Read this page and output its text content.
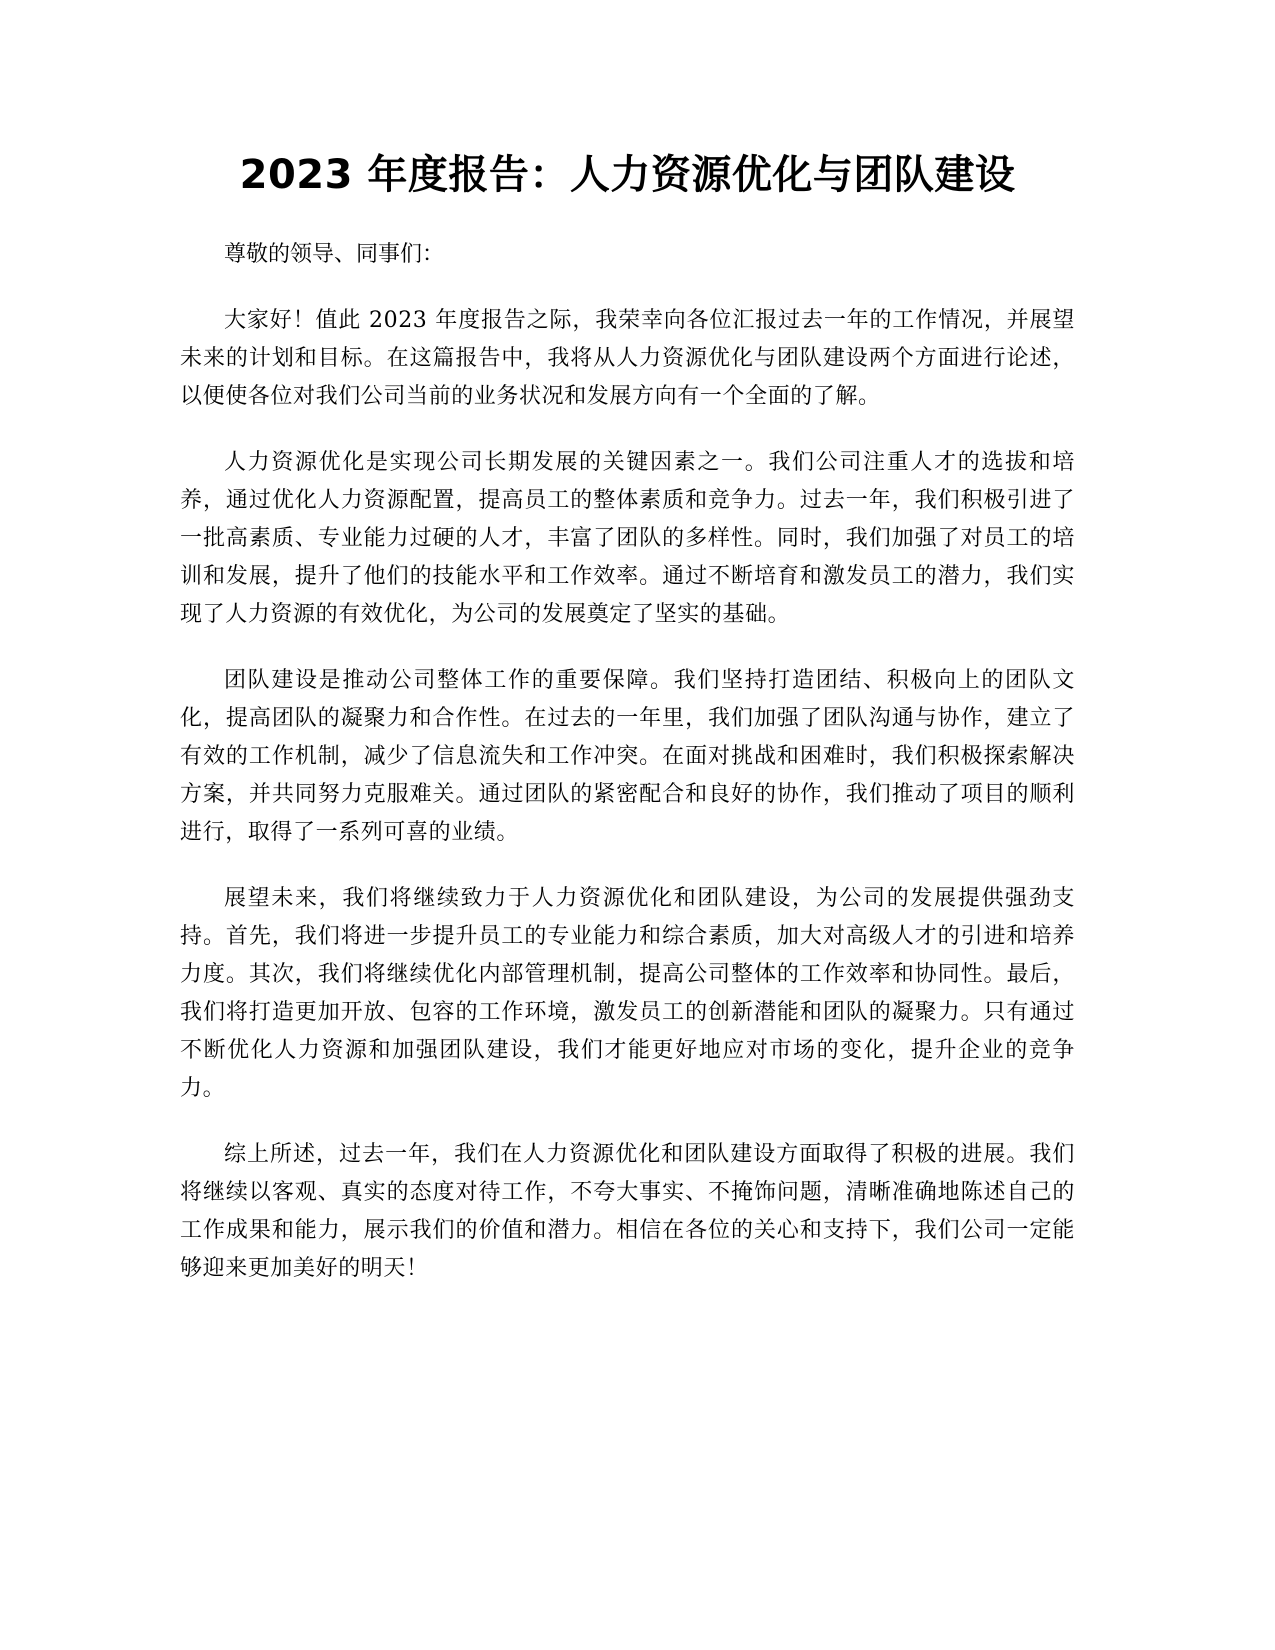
2023 年度报告：人力资源优化与团队建设

尊敬的领导、同事们：

大家好！值此 2023 年度报告之际，我荣幸向各位汇报过去一年的工作情况，并展望未来的计划和目标。在这篇报告中，我将从人力资源优化与团队建设两个方面进行论述，以便使各位对我们公司当前的业务状况和发展方向有一个全面的了解。

人力资源优化是实现公司长期发展的关键因素之一。我们公司注重人才的选拔和培养，通过优化人力资源配置，提高员工的整体素质和竞争力。过去一年，我们积极引进了一批高素质、专业能力过硬的人才，丰富了团队的多样性。同时，我们加强了对员工的培训和发展，提升了他们的技能水平和工作效率。通过不断培育和激发员工的潜力，我们实现了人力资源的有效优化，为公司的发展奠定了坚实的基础。

团队建设是推动公司整体工作的重要保障。我们坚持打造团结、积极向上的团队文化，提高团队的凝聚力和合作性。在过去的一年里，我们加强了团队沟通与协作，建立了有效的工作机制，减少了信息流失和工作冲突。在面对挑战和困难时，我们积极探索解决方案，并共同努力克服难关。通过团队的紧密配合和良好的协作，我们推动了项目的顺利进行，取得了一系列可喜的业绩。

展望未来，我们将继续致力于人力资源优化和团队建设，为公司的发展提供强劲支持。首先，我们将进一步提升员工的专业能力和综合素质，加大对高级人才的引进和培养力度。其次，我们将继续优化内部管理机制，提高公司整体的工作效率和协同性。最后，我们将打造更加开放、包容的工作环境，激发员工的创新潜能和团队的凝聚力。只有通过不断优化人力资源和加强团队建设，我们才能更好地应对市场的变化，提升企业的竞争力。

综上所述，过去一年，我们在人力资源优化和团队建设方面取得了积极的进展。我们将继续以客观、真实的态度对待工作，不夸大事实、不掩饰问题，清晰准确地陈述自己的工作成果和能力，展示我们的价值和潜力。相信在各位的关心和支持下，我们公司一定能够迎来更加美好的明天！
